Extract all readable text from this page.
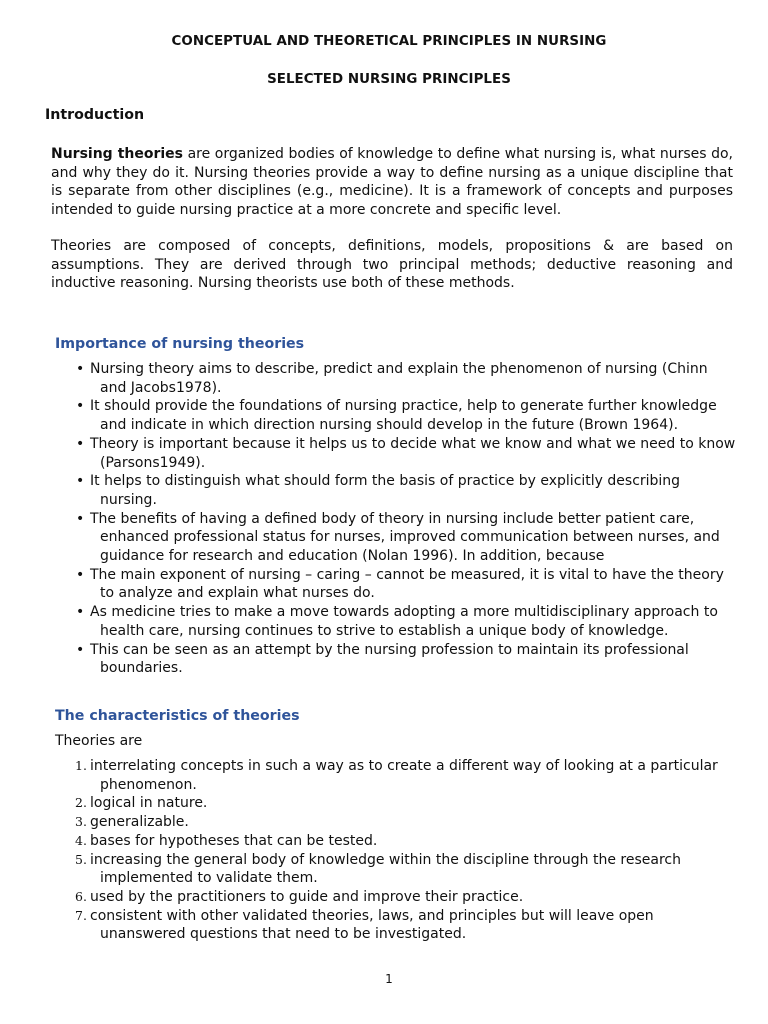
CONCEPTUAL AND THEORETICAL PRINCIPLES IN NURSING
SELECTED NURSING PRINCIPLES
Introduction

Nursing theories are organized bodies of knowledge to define what nursing is, what nurses do, and why they do it. Nursing theories provide a way to define nursing as a unique discipline that is separate from other disciplines (e.g., medicine). It is a framework of concepts and purposes intended to guide nursing practice at a more concrete and specific level.

Theories are composed of concepts, definitions, models, propositions & are based on assumptions. They are derived through two principal methods; deductive reasoning and inductive reasoning. Nursing theorists use both of these methods.

Importance of nursing theories
• Nursing theory aims to describe, predict and explain the phenomenon of nursing (Chinn and Jacobs1978).
• It should provide the foundations of nursing practice, help to generate further knowledge and indicate in which direction nursing should develop in the future (Brown 1964).
• Theory is important because it helps us to decide what we know and what we need to know (Parsons1949).
• It helps to distinguish what should form the basis of practice by explicitly describing nursing.
• The benefits of having a defined body of theory in nursing include better patient care, enhanced professional status for nurses, improved communication between nurses, and guidance for research and education (Nolan 1996). In addition, because
• The main exponent of nursing – caring – cannot be measured, it is vital to have the theory to analyze and explain what nurses do.
• As medicine tries to make a move towards adopting a more multidisciplinary approach to health care, nursing continues to strive to establish a unique body of knowledge.
• This can be seen as an attempt by the nursing profession to maintain its professional boundaries.
The characteristics of theories
Theories are
1. interrelating concepts in such a way as to create a different way of looking at a particular phenomenon.
2. logical in nature.
3. generalizable.
4. bases for hypotheses that can be tested.
5. increasing the general body of knowledge within the discipline through the research implemented to validate them.
6. used by the practitioners to guide and improve their practice.
7. consistent with other validated theories, laws, and principles but will leave open unanswered questions that need to be investigated.
1
